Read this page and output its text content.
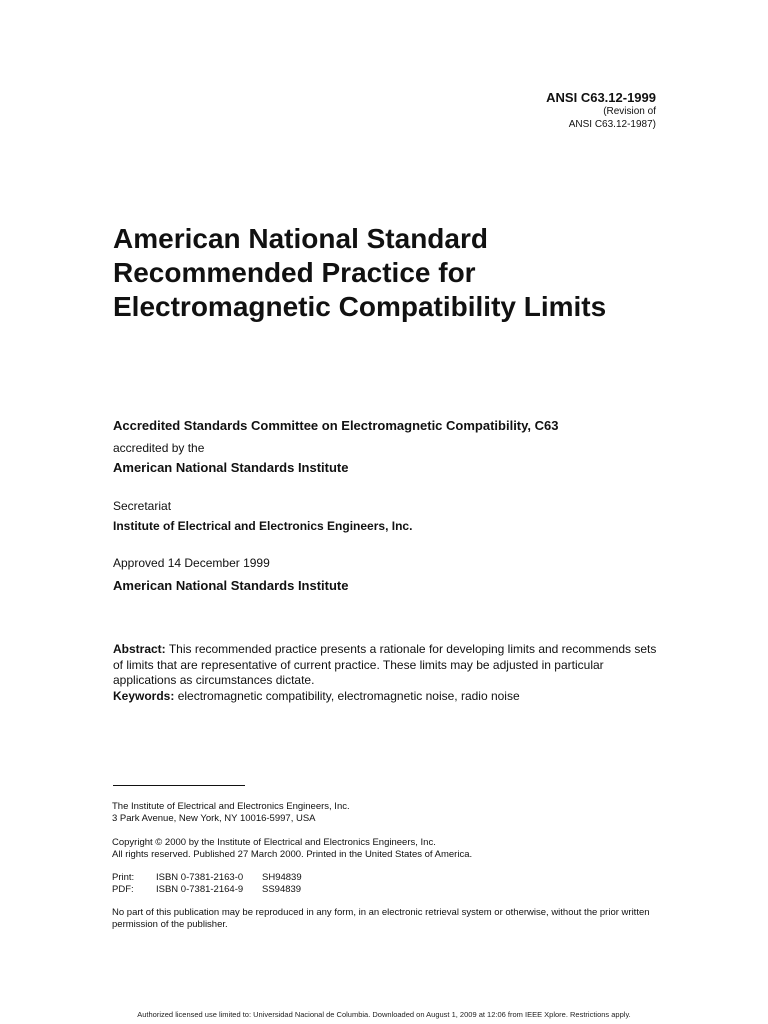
ANSI C63.12-1999
(Revision of
ANSI C63.12-1987)
American National Standard
Recommended Practice for
Electromagnetic Compatibility Limits
Accredited Standards Committee on Electromagnetic Compatibility, C63
accredited by the
American National Standards Institute
Secretariat
Institute of Electrical and Electronics Engineers, Inc.
Approved 14 December 1999
American National Standards Institute
Abstract: This recommended practice presents a rationale for developing limits and recommends sets of limits that are representative of current practice. These limits may be adjusted in particular applications as circumstances dictate.
Keywords: electromagnetic compatibility, electromagnetic noise, radio noise
The Institute of Electrical and Electronics Engineers, Inc.
3 Park Avenue, New York, NY 10016-5997, USA
Copyright © 2000 by the Institute of Electrical and Electronics Engineers, Inc.
All rights reserved. Published 27 March 2000. Printed in the United States of America.
Print: ISBN 0-7381-2163-0 SH94839
PDF: ISBN 0-7381-2164-9 SS94839
No part of this publication may be reproduced in any form, in an electronic retrieval system or otherwise, without the prior written permission of the publisher.
Authorized licensed use limited to: Universidad Nacional de Columbia. Downloaded on August 1, 2009 at 12:06 from IEEE Xplore. Restrictions apply.
